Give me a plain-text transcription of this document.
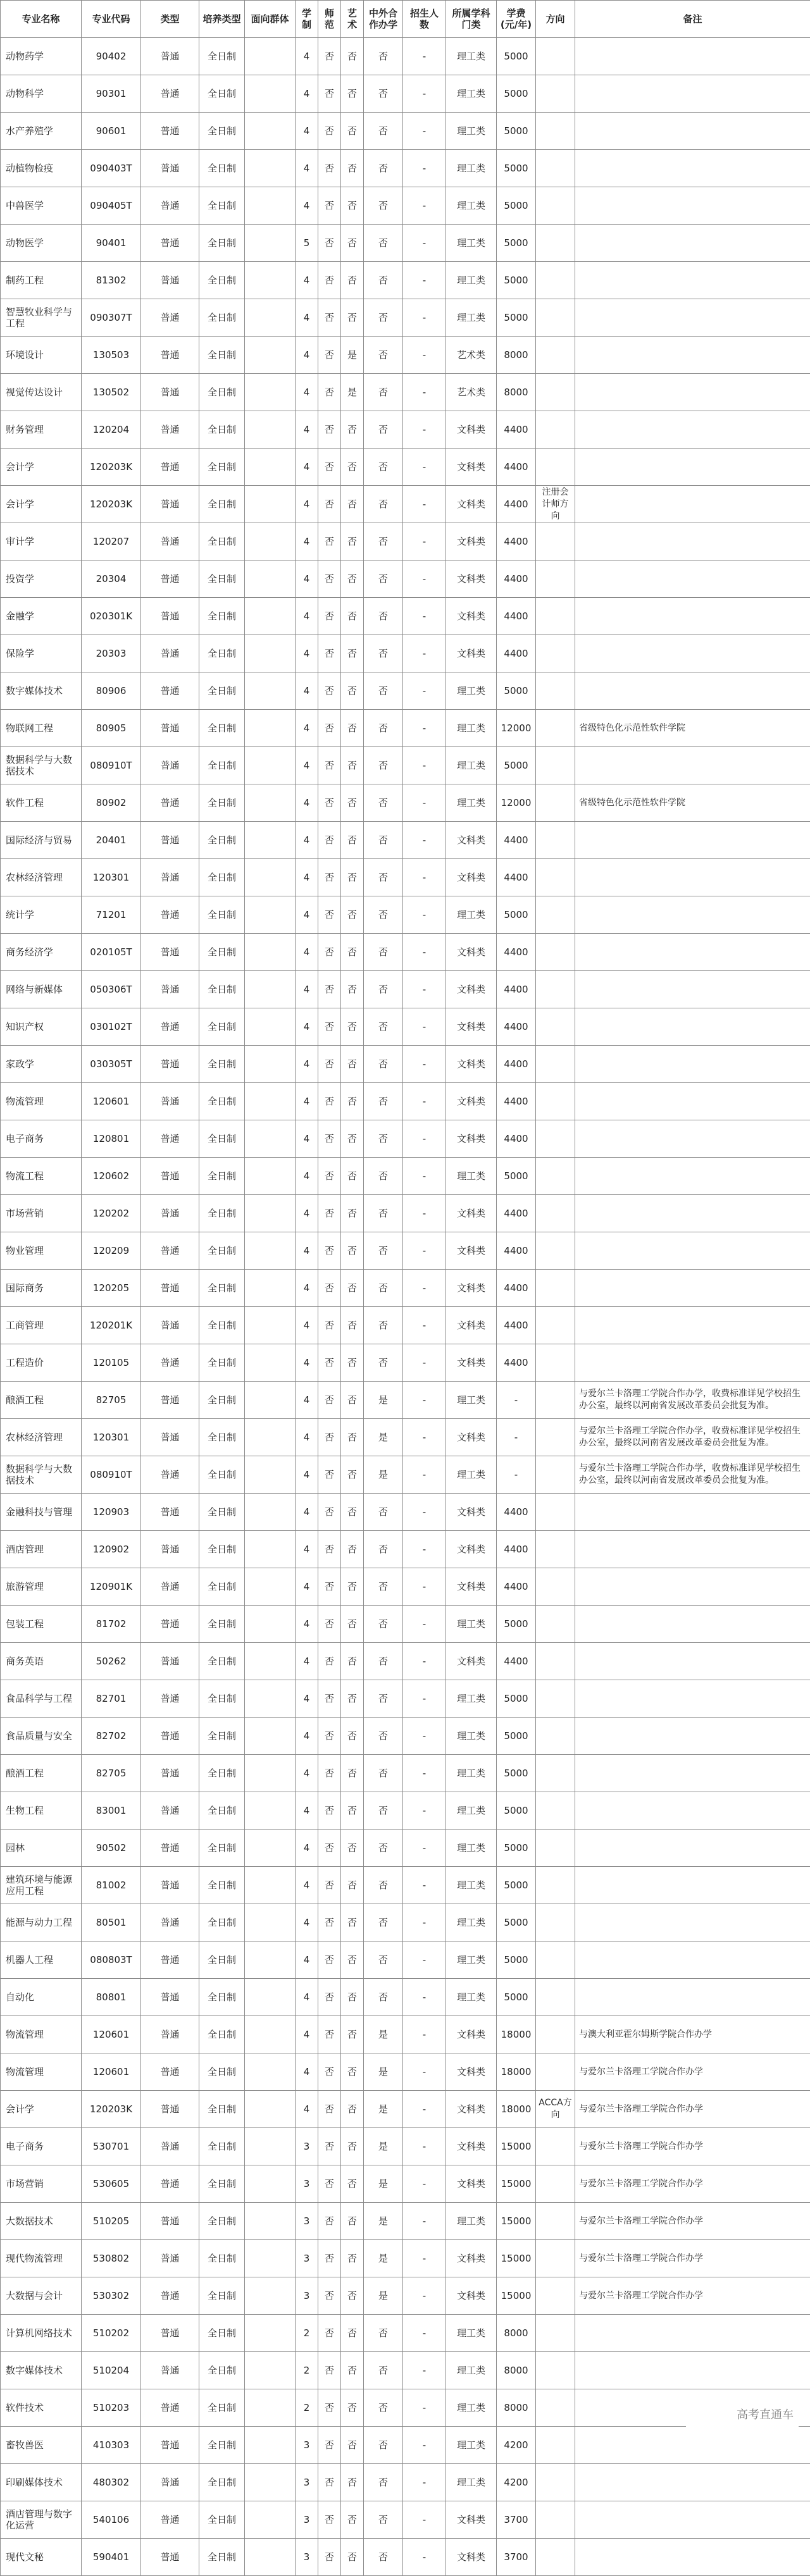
专业名称	专业代码	类型	培养类型	面向群体	学制	师范	艺术	中外合作办学	招生人数	所属学科门类	学费(元/年)	方向	备注
动物药学	90402	普通	全日制		4	否	否	否	-	理工类	5000		
动物科学	90301	普通	全日制		4	否	否	否	-	理工类	5000		
水产养殖学	90601	普通	全日制		4	否	否	否	-	理工类	5000		
动植物检疫	090403T	普通	全日制		4	否	否	否	-	理工类	5000		
中兽医学	090405T	普通	全日制		4	否	否	否	-	理工类	5000		
动物医学	90401	普通	全日制		5	否	否	否	-	理工类	5000		
制药工程	81302	普通	全日制		4	否	否	否	-	理工类	5000		
智慧牧业科学与工程	090307T	普通	全日制		4	否	否	否	-	理工类	5000		
环境设计	130503	普通	全日制		4	否	是	否	-	艺术类	8000		
视觉传达设计	130502	普通	全日制		4	否	是	否	-	艺术类	8000		
财务管理	120204	普通	全日制		4	否	否	否	-	文科类	4400		
会计学	120203K	普通	全日制		4	否	否	否	-	文科类	4400		
会计学	120203K	普通	全日制		4	否	否	否	-	文科类	4400	注册会计师方向	
审计学	120207	普通	全日制		4	否	否	否	-	文科类	4400		
投资学	20304	普通	全日制		4	否	否	否	-	文科类	4400		
金融学	020301K	普通	全日制		4	否	否	否	-	文科类	4400		
保险学	20303	普通	全日制		4	否	否	否	-	文科类	4400		
数字媒体技术	80906	普通	全日制		4	否	否	否	-	理工类	5000		
物联网工程	80905	普通	全日制		4	否	否	否	-	理工类	12000		省级特色化示范性软件学院
数据科学与大数据技术	080910T	普通	全日制		4	否	否	否	-	理工类	5000		
软件工程	80902	普通	全日制		4	否	否	否	-	理工类	12000		省级特色化示范性软件学院
国际经济与贸易	20401	普通	全日制		4	否	否	否	-	文科类	4400		
农林经济管理	120301	普通	全日制		4	否	否	否	-	文科类	4400		
统计学	71201	普通	全日制		4	否	否	否	-	理工类	5000		
商务经济学	020105T	普通	全日制		4	否	否	否	-	文科类	4400		
网络与新媒体	050306T	普通	全日制		4	否	否	否	-	文科类	4400		
知识产权	030102T	普通	全日制		4	否	否	否	-	文科类	4400		
家政学	030305T	普通	全日制		4	否	否	否	-	文科类	4400		
物流管理	120601	普通	全日制		4	否	否	否	-	文科类	4400		
电子商务	120801	普通	全日制		4	否	否	否	-	文科类	4400		
物流工程	120602	普通	全日制		4	否	否	否	-	理工类	5000		
市场营销	120202	普通	全日制		4	否	否	否	-	文科类	4400		
物业管理	120209	普通	全日制		4	否	否	否	-	文科类	4400		
国际商务	120205	普通	全日制		4	否	否	否	-	文科类	4400		
工商管理	120201K	普通	全日制		4	否	否	否	-	文科类	4400		
工程造价	120105	普通	全日制		4	否	否	否	-	文科类	4400		
酿酒工程	82705	普通	全日制		4	否	否	是	-	理工类	-		与爱尔兰卡洛理工学院合作办学，收费标准详见学校招生办公室，最终以河南省发展改革委员会批复为准。
农林经济管理	120301	普通	全日制		4	否	否	是	-	文科类	-		与爱尔兰卡洛理工学院合作办学，收费标准详见学校招生办公室，最终以河南省发展改革委员会批复为准。
数据科学与大数据技术	080910T	普通	全日制		4	否	否	是	-	理工类	-		与爱尔兰卡洛理工学院合作办学，收费标准详见学校招生办公室，最终以河南省发展改革委员会批复为准。
金融科技与管理	120903	普通	全日制		4	否	否	否	-	文科类	4400		
酒店管理	120902	普通	全日制		4	否	否	否	-	文科类	4400		
旅游管理	120901K	普通	全日制		4	否	否	否	-	文科类	4400		
包装工程	81702	普通	全日制		4	否	否	否	-	理工类	5000		
商务英语	50262	普通	全日制		4	否	否	否	-	文科类	4400		
食品科学与工程	82701	普通	全日制		4	否	否	否	-	理工类	5000		
食品质量与安全	82702	普通	全日制		4	否	否	否	-	理工类	5000		
酿酒工程	82705	普通	全日制		4	否	否	否	-	理工类	5000		
生物工程	83001	普通	全日制		4	否	否	否	-	理工类	5000		
园林	90502	普通	全日制		4	否	否	否	-	理工类	5000		
建筑环境与能源应用工程	81002	普通	全日制		4	否	否	否	-	理工类	5000		
能源与动力工程	80501	普通	全日制		4	否	否	否	-	理工类	5000		
机器人工程	080803T	普通	全日制		4	否	否	否	-	理工类	5000		
自动化	80801	普通	全日制		4	否	否	否	-	理工类	5000		
物流管理	120601	普通	全日制		4	否	否	是	-	文科类	18000		与澳大利亚霍尔姆斯学院合作办学
物流管理	120601	普通	全日制		4	否	否	是	-	文科类	18000		与爱尔兰卡洛理工学院合作办学
会计学	120203K	普通	全日制		4	否	否	是	-	文科类	18000	ACCA方向	与爱尔兰卡洛理工学院合作办学
电子商务	530701	普通	全日制		3	否	否	是	-	文科类	15000		与爱尔兰卡洛理工学院合作办学
市场营销	530605	普通	全日制		3	否	否	是	-	文科类	15000		与爱尔兰卡洛理工学院合作办学
大数据技术	510205	普通	全日制		3	否	否	是	-	理工类	15000		与爱尔兰卡洛理工学院合作办学
现代物流管理	530802	普通	全日制		3	否	否	是	-	文科类	15000		与爱尔兰卡洛理工学院合作办学
大数据与会计	530302	普通	全日制		3	否	否	是	-	文科类	15000		与爱尔兰卡洛理工学院合作办学
计算机网络技术	510202	普通	全日制		2	否	否	否	-	理工类	8000		
数字媒体技术	510204	普通	全日制		2	否	否	否	-	理工类	8000		
软件技术	510203	普通	全日制		2	否	否	否	-	理工类	8000		
畜牧兽医	410303	普通	全日制		3	否	否	否	-	理工类	4200		
印刷媒体技术	480302	普通	全日制		3	否	否	否	-	理工类	4200		
酒店管理与数字化运营	540106	普通	全日制		3	否	否	否	-	文科类	3700		
现代文秘	590401	普通	全日制		3	否	否	否	-	文科类	3700		
高考直通车
